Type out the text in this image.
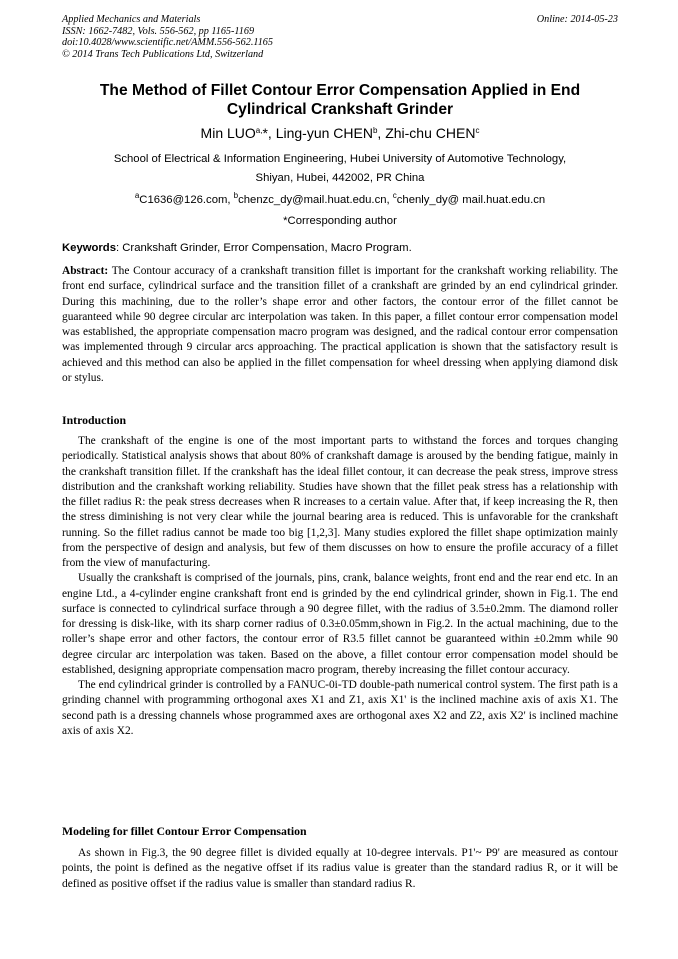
Applied Mechanics and Materials
ISSN: 1662-7482, Vols. 556-562, pp 1165-1169
doi:10.4028/www.scientific.net/AMM.556-562.1165
© 2014 Trans Tech Publications Ltd, Switzerland
Online: 2014-05-23
The Method of Fillet Contour Error Compensation Applied in End Cylindrical Crankshaft Grinder
Min $LUO^{a,}*$, Ling-yun CHEN$^b$, Zhi-chu CHEN$^c$
School of Electrical & Information Engineering, Hubei University of Automotive Technology,
Shiyan, Hubei, 442002, PR China
$^a$C1636@126.com, $^b$chenzc_dy@mail.huat.edu.cn, $^c$chenly_dy@ mail.huat.edu.cn
*Corresponding author
Keywords: Crankshaft Grinder, Error Compensation, Macro Program.
Abstract: The Contour accuracy of a crankshaft transition fillet is important for the crankshaft working reliability. The front end surface, cylindrical surface and the transition fillet of a crankshaft are grinded by an end cylindrical grinder. During this machining, due to the roller’s shape error and other factors, the contour error of the fillet cannot be guaranteed while 90 degree circular arc interpolation was taken. In this paper, a fillet contour error compensation model was established, the appropriate compensation macro program was designed, and the radical contour error compensation was implemented through 9 circular arcs approaching. The practical application is shown that the satisfactory result is achieved and this method can also be applied in the fillet compensation for wheel dressing when applying diamond disk or stylus.
Introduction

The crankshaft of the engine is one of the most important parts to withstand the forces and torques changing periodically. Statistical analysis shows that about 80% of crankshaft damage is aroused by the bending fatigue, mainly in the crankshaft transition fillet. If the crankshaft has the ideal fillet contour, it can decrease the peak stress, improve stress distribution and the crankshaft working reliability. Studies have shown that the fillet peak stress has a relationship with the fillet radius R: the peak stress decreases when R increases to a certain value. After that, if keep increasing the R, then the stress diminishing is not very clear while the journal bearing area is reduced. This is unfavorable for the crankshaft running. So the fillet radius cannot be made too big [1,2,3]. Many studies explored the fillet shape optimization mainly from the perspective of design and analysis, but few of them discusses on how to ensure the profile accuracy of a fillet from the view of manufacturing.

Usually the crankshaft is comprised of the journals, pins, crank, balance weights, front end and the rear end etc. In an engine Ltd., a 4-cylinder engine crankshaft front end is grinded by the end cylindrical grinder, shown in Fig.1. The end surface is connected to cylindrical surface through a 90 degree fillet, with the radius of 3.5±0.2mm. The diamond roller for dressing is disk-like, with its sharp corner radius of 0.3±0.05mm,shown in Fig.2. In the actual machining, due to the roller’s shape error and other factors, the contour error of R3.5 fillet cannot be guaranteed within ±0.2mm while 90 degree circular arc interpolation was taken. Based on the above, a fillet contour error compensation model should be established, designing appropriate compensation macro program, thereby increasing the fillet contour accuracy.

The end cylindrical grinder is controlled by a FANUC-0i-TD double-path numerical control system. The first path is a grinding channel with programming orthogonal axes X1 and Z1, axis X1' is the inclined machine axis of axis X1. The second path is a dressing channels whose programmed axes are orthogonal axes X2 and Z2, axis X2' is inclined machine axis of axis X2.

Modeling for fillet Contour Error Compensation

As shown in Fig.3, the 90 degree fillet is divided equally at 10-degree intervals. P1'~ P9' are measured as contour points, the point is defined as the negative offset if its radius value is greater than the standard radius R, or it will be defined as positive offset if the radius value is smaller than standard radius R.
